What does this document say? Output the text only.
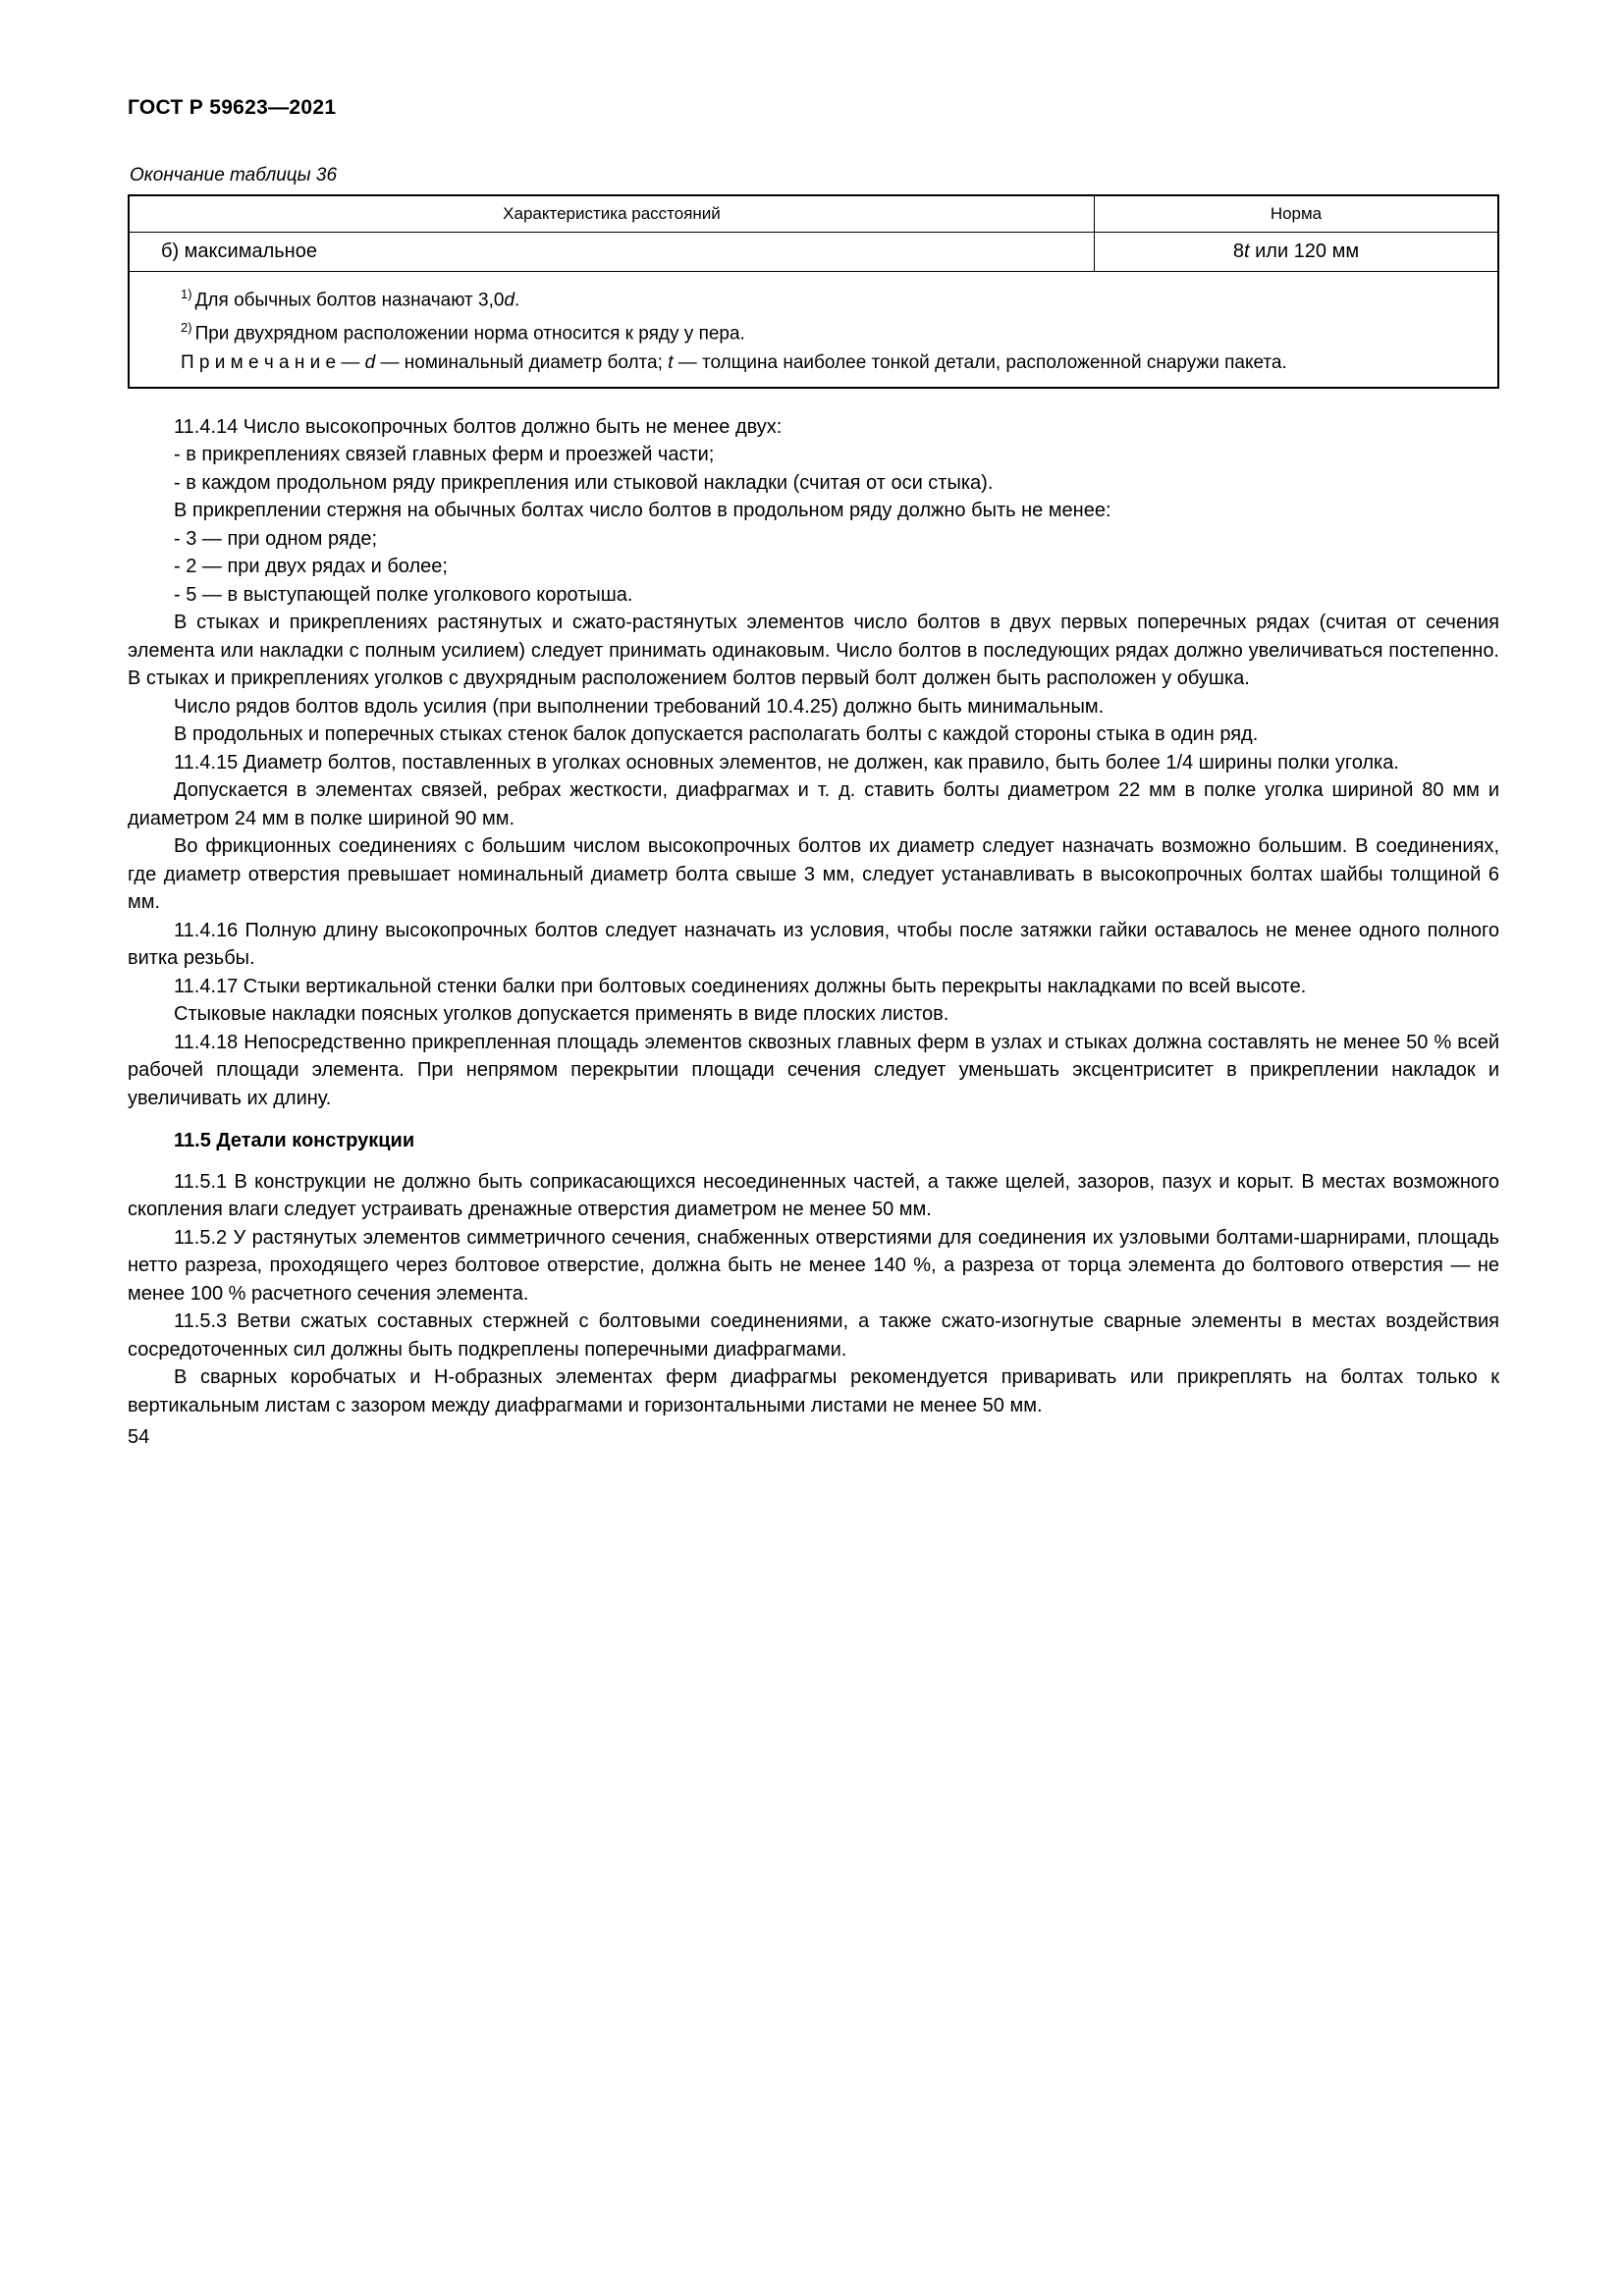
ГОСТ Р 59623—2021
Окончание таблицы 36
Характеристика расстояний	Норма
б) максимальное	8t или 120 мм

$^{1)}$ Для обычных болтов назначают 3,0d.
$^{2)}$ При двухрядном расположении норма относится к ряду у пера.
П р и м е ч а н и е — d — номинальный диаметр болта; t — толщина наиболее тонкой детали, расположенной снаружи пакета.	

11.4.14 Число высокопрочных болтов должно быть не менее двух:

- в прикреплениях связей главных ферм и проезжей части;

- в каждом продольном ряду прикрепления или стыковой накладки (считая от оси стыка).

В прикреплении стержня на обычных болтах число болтов в продольном ряду должно быть не менее:

- 3 — при одном ряде;

- 2 — при двух рядах и более;

- 5 — в выступающей полке уголкового коротыша.

В стыках и прикреплениях растянутых и сжато-растянутых элементов число болтов в двух первых поперечных рядах (считая от сечения элемента или накладки с полным усилием) следует принимать одинаковым. Число болтов в последующих рядах должно увеличиваться постепенно. В стыках и прикреплениях уголков с двухрядным расположением болтов первый болт должен быть расположен у обушка.

Число рядов болтов вдоль усилия (при выполнении требований 10.4.25) должно быть минимальным.

В продольных и поперечных стыках стенок балок допускается располагать болты с каждой стороны стыка в один ряд.

11.4.15 Диаметр болтов, поставленных в уголках основных элементов, не должен, как правило, быть более 1/4 ширины полки уголка.

Допускается в элементах связей, ребрах жесткости, диафрагмах и т. д. ставить болты диаметром 22 мм в полке уголка шириной 80 мм и диаметром 24 мм в полке шириной 90 мм.

Во фрикционных соединениях с большим числом высокопрочных болтов их диаметр следует назначать возможно большим. В соединениях, где диаметр отверстия превышает номинальный диаметр болта свыше 3 мм, следует устанавливать в высокопрочных болтах шайбы толщиной 6 мм.

11.4.16 Полную длину высокопрочных болтов следует назначать из условия, чтобы после затяжки гайки оставалось не менее одного полного витка резьбы.

11.4.17 Стыки вертикальной стенки балки при болтовых соединениях должны быть перекрыты накладками по всей высоте.

Стыковые накладки поясных уголков допускается применять в виде плоских листов.

11.4.18 Непосредственно прикрепленная площадь элементов сквозных главных ферм в узлах и стыках должна составлять не менее 50 % всей рабочей площади элемента. При непрямом перекрытии площади сечения следует уменьшать эксцентриситет в прикреплении накладок и увеличивать их длину.

11.5 Детали конструкции

11.5.1 В конструкции не должно быть соприкасающихся несоединенных частей, а также щелей, зазоров, пазух и корыт. В местах возможного скопления влаги следует устраивать дренажные отверстия диаметром не менее 50 мм.

11.5.2 У растянутых элементов симметричного сечения, снабженных отверстиями для соединения их узловыми болтами-шарнирами, площадь нетто разреза, проходящего через болтовое отверстие, должна быть не менее 140 %, а разреза от торца элемента до болтового отверстия — не менее 100 % расчетного сечения элемента.

11.5.3 Ветви сжатых составных стержней с болтовыми соединениями, а также сжато-изогнутые сварные элементы в местах воздействия сосредоточенных сил должны быть подкреплены поперечными диафрагмами.

В сварных коробчатых и Н-образных элементах ферм диафрагмы рекомендуется приваривать или прикреплять на болтах только к вертикальным листам с зазором между диафрагмами и горизонтальными листами не менее 50 мм.

54
